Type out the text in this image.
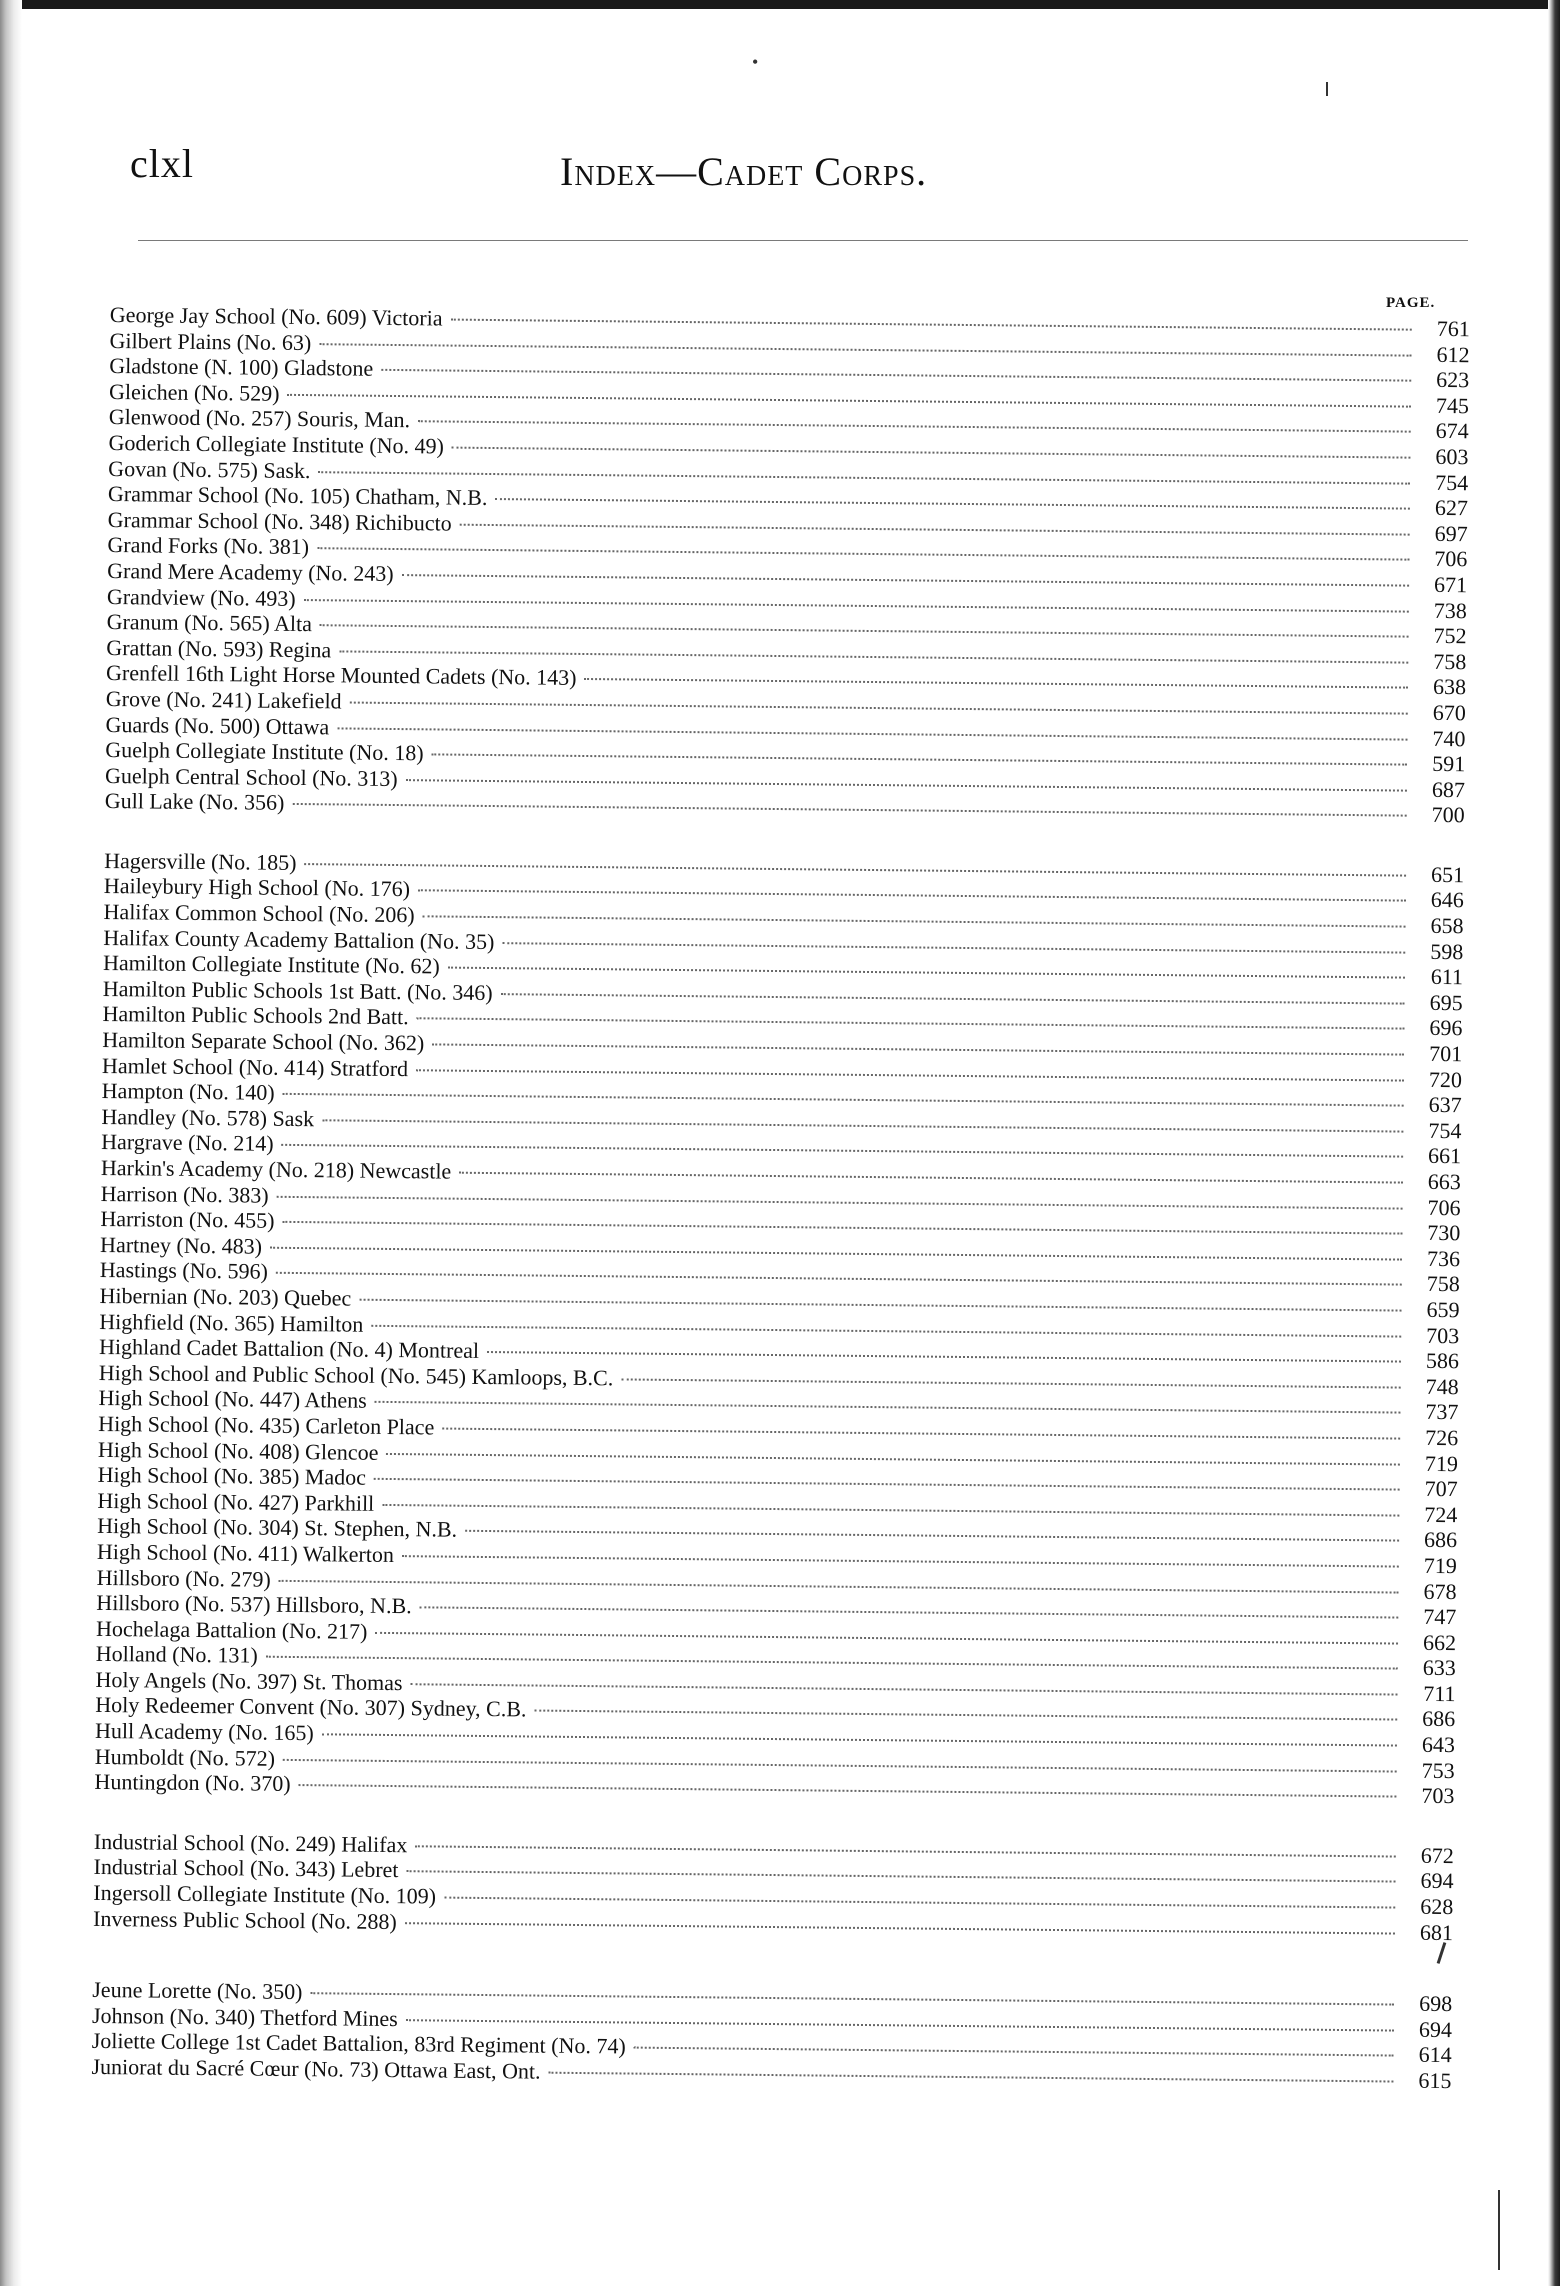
clxl	Index—Cadet Corps.
PAGE.
George Jay School (No. 609) Victoria	761
Gilbert Plains (No. 63)	612
Gladstone (N. 100) Gladstone	623
Gleichen (No. 529)	745
Glenwood (No. 257) Souris, Man.	674
Goderich Collegiate Institute (No. 49)	603
Govan (No. 575) Sask.	754
Grammar School (No. 105) Chatham, N.B.	627
Grammar School (No. 348) Richibucto	697
Grand Forks (No. 381)	706
Grand Mere Academy (No. 243)	671
Grandview (No. 493)	738
Granum (No. 565) Alta	752
Grattan (No. 593) Regina	758
Grenfell 16th Light Horse Mounted Cadets (No. 143)	638
Grove (No. 241) Lakefield	670
Guards (No. 500) Ottawa	740
Guelph Collegiate Institute (No. 18)	591
Guelph Central School (No. 313)	687
Gull Lake (No. 356)	700
Hagersville (No. 185)	651
Haileybury High School (No. 176)	646
Halifax Common School (No. 206)	658
Halifax County Academy Battalion (No. 35)	598
Hamilton Collegiate Institute (No. 62)	611
Hamilton Public Schools 1st Batt. (No. 346)	695
Hamilton Public Schools 2nd Batt.	696
Hamilton Separate School (No. 362)	701
Hamlet School (No. 414) Stratford	720
Hampton (No. 140)	637
Handley (No. 578) Sask	754
Hargrave (No. 214)	661
Harkin's Academy (No. 218) Newcastle	663
Harrison (No. 383)	706
Harriston (No. 455)	730
Hartney (No. 483)	736
Hastings (No. 596)	758
Hibernian (No. 203) Quebec	659
Highfield (No. 365) Hamilton	703
Highland Cadet Battalion (No. 4) Montreal	586
High School and Public School (No. 545) Kamloops, B.C.	748
High School (No. 447) Athens	737
High School (No. 435) Carleton Place	726
High School (No. 408) Glencoe	719
High School (No. 385) Madoc	707
High School (No. 427) Parkhill	724
High School (No. 304) St. Stephen, N.B.	686
High School (No. 411) Walkerton	719
Hillsboro (No. 279)	678
Hillsboro (No. 537) Hillsboro, N.B.	747
Hochelaga Battalion (No. 217)	662
Holland (No. 131)	633
Holy Angels (No. 397) St. Thomas	711
Holy Redeemer Convent (No. 307) Sydney, C.B.	686
Hull Academy (No. 165)	643
Humboldt (No. 572)	753
Huntingdon (No. 370)	703
Industrial School (No. 249) Halifax	672
Industrial School (No. 343) Lebret	694
Ingersoll Collegiate Institute (No. 109)	628
Inverness Public School (No. 288)	681
Jeune Lorette (No. 350)	698
Johnson (No. 340) Thetford Mines	694
Joliette College 1st Cadet Battalion, 83rd Regiment (No. 74)	614
Juniorat du Sacré Cœur (No. 73) Ottawa East, Ont.	615
•
